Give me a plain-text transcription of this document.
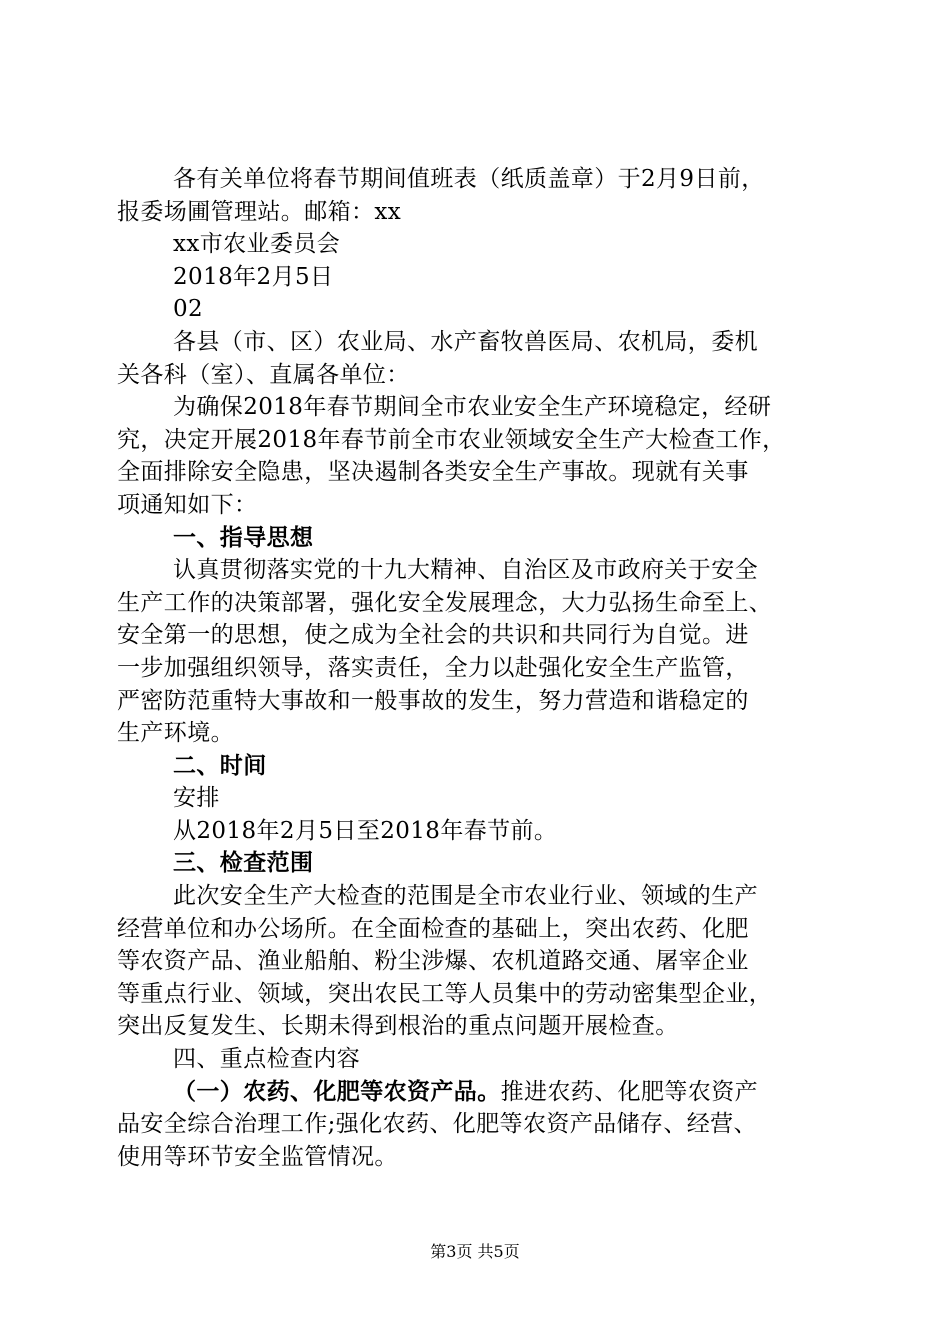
各有关单位将春节期间值班表（纸质盖章）于2月9日前，

报委场圃管理站。邮箱：xx

xx市农业委员会

2018年2月5日

02

各县（市、区）农业局、水产畜牧兽医局、农机局，委机

关各科（室）、直属各单位：

为确保2018年春节期间全市农业安全生产环境稳定，经研

究，决定开展2018年春节前全市农业领域安全生产大检查工作，

全面排除安全隐患，坚决遏制各类安全生产事故。现就有关事

项通知如下：

一、指导思想

认真贯彻落实党的十九大精神、自治区及市政府关于安全

生产工作的决策部署，强化安全发展理念，大力弘扬生命至上、

安全第一的思想，使之成为全社会的共识和共同行为自觉。进

一步加强组织领导，落实责任，全力以赴强化安全生产监管，

严密防范重特大事故和一般事故的发生，努力营造和谐稳定的

生产环境。

二、时间

安排

从2018年2月5日至2018年春节前。

三、检查范围

此次安全生产大检查的范围是全市农业行业、领域的生产

经营单位和办公场所。在全面检查的基础上，突出农药、化肥

等农资产品、渔业船舶、粉尘涉爆、农机道路交通、屠宰企业

等重点行业、领域，突出农民工等人员集中的劳动密集型企业，

突出反复发生、长期未得到根治的重点问题开展检查。

四、重点检查内容

（一）农药、化肥等农资产品。推进农药、化肥等农资产

品安全综合治理工作;强化农药、化肥等农资产品储存、经营、

使用等环节安全监管情况。

第3页 共5页
